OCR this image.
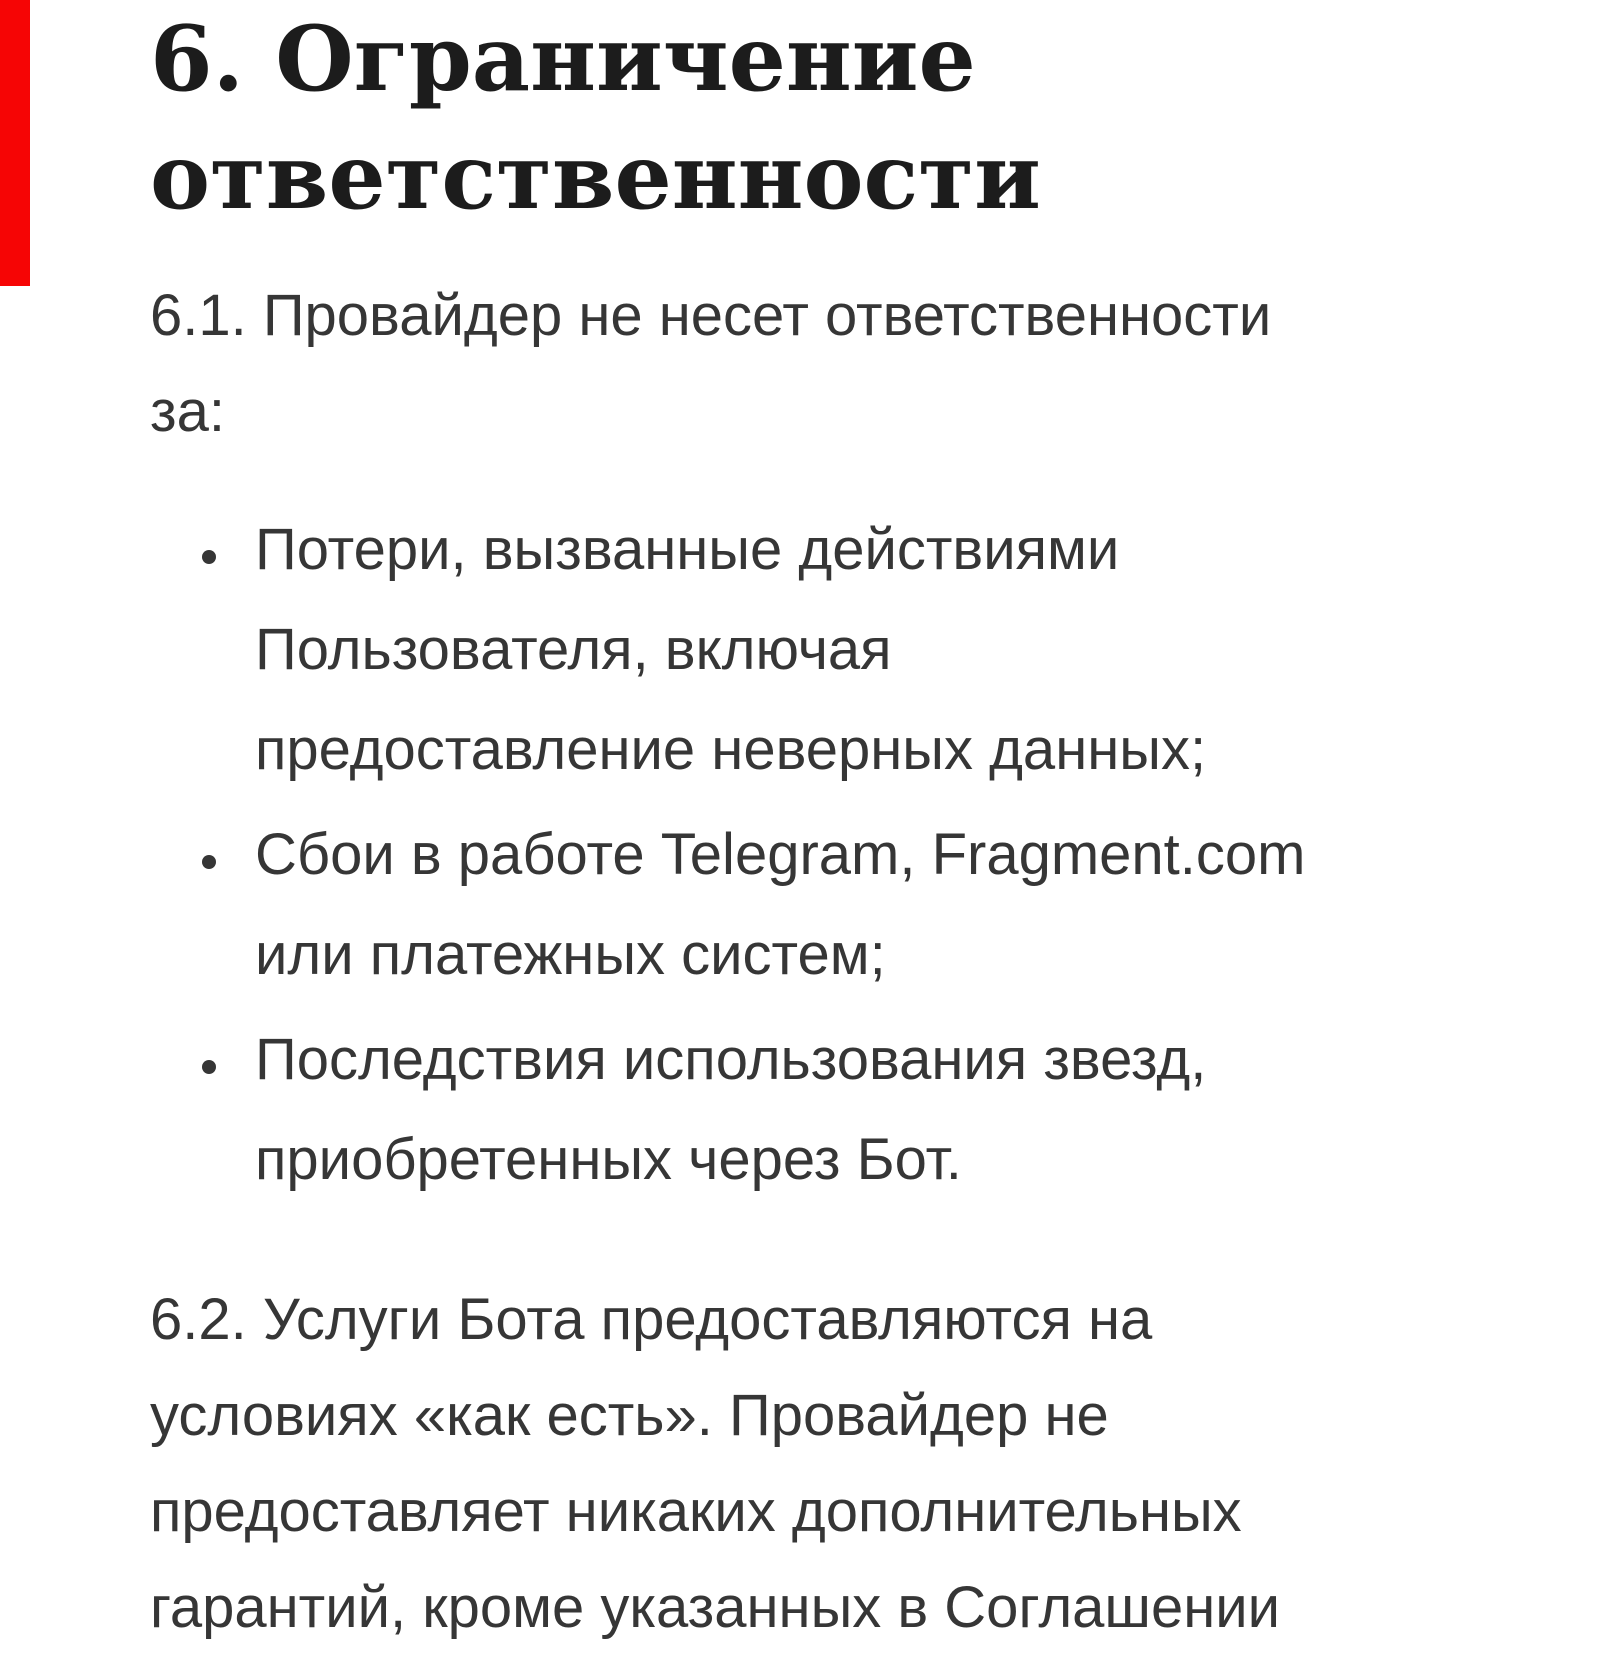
6. Ограничение
ответственности

6.1. Провайдер не несет ответственности
за:

Потери, вызванные действиями
Пользователя, включая
предоставление неверных данных;
Сбои в работе Telegram, Fragment.com
или платежных систем;
Последствия использования звезд,
приобретенных через Бот.

6.2. Услуги Бота предоставляются на
условиях «как есть». Провайдер не
предоставляет никаких дополнительных
гарантий, кроме указанных в Соглашении
